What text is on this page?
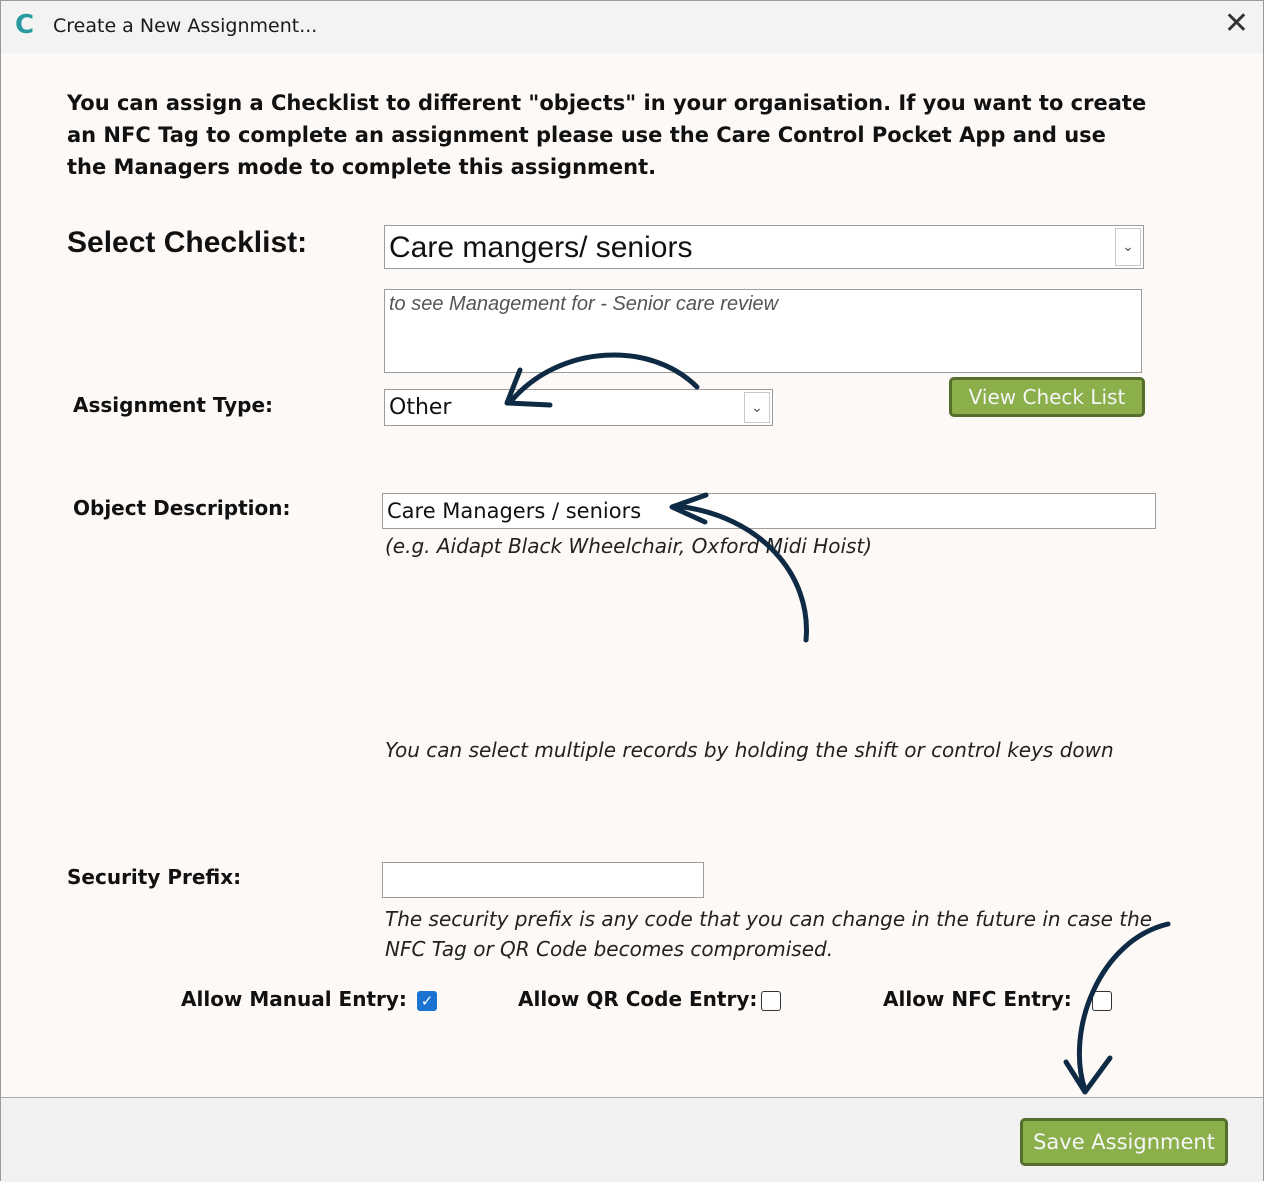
C Create a New Assignment...	✕
You can assign a Checklist to different "objects" in your organisation. If you want to create an NFC Tag to complete an assignment please use the Care Control Pocket App and use the Managers mode to complete this assignment.
Select Checklist:	Care mangers/ seniors	⌄
to see Management for - Senior care review
View Check List
Assignment Type:	Other	⌄
Object Description:	Care Managers / seniors
(e.g. Aidapt Black Wheelchair, Oxford Midi Hoist)
You can select multiple records by holding the shift or control keys down
Security Prefix:
The security prefix is any code that you can change in the future in case the NFC Tag or QR Code becomes compromised.
Allow Manual Entry: ✓	Allow QR Code Entry:	Allow NFC Entry:
Save Assignment
